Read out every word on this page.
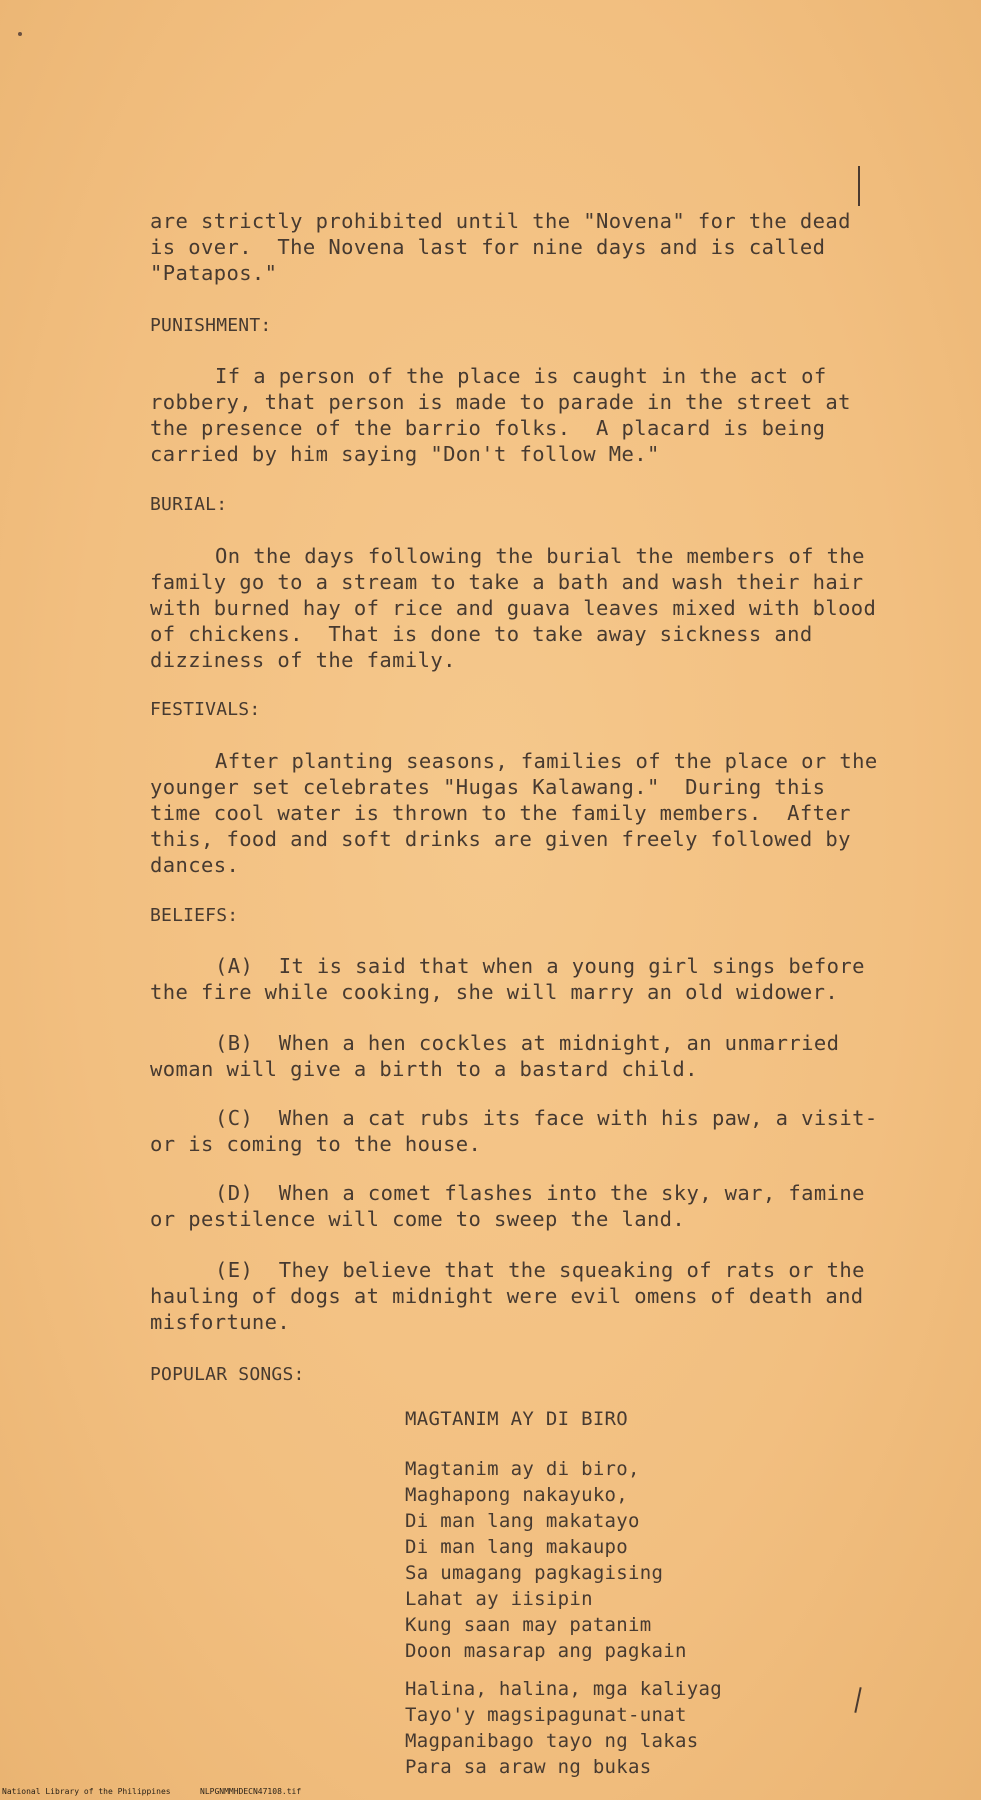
are strictly prohibited until the "Novena" for the dead
is over.  The Novena last for nine days and is called
"Patapos."
PUNISHMENT:
If a person of the place is caught in the act of
robbery, that person is made to parade in the street at
the presence of the barrio folks.  A placard is being
carried by him saying "Don't follow Me."
BURIAL:
On the days following the burial the members of the
family go to a stream to take a bath and wash their hair
with burned hay of rice and guava leaves mixed with blood
of chickens.  That is done to take away sickness and
dizziness of the family.
FESTIVALS:
After planting seasons, families of the place or the
younger set celebrates "Hugas Kalawang."  During this
time cool water is thrown to the family members.  After
this, food and soft drinks are given freely followed by
dances.
BELIEFS:
(A)  It is said that when a young girl sings before
the fire while cooking, she will marry an old widower.
(B)  When a hen cockles at midnight, an unmarried
woman will give a birth to a bastard child.
(C)  When a cat rubs its face with his paw, a visit-
or is coming to the house.
(D)  When a comet flashes into the sky, war, famine
or pestilence will come to sweep the land.
(E)  They believe that the squeaking of rats or the
hauling of dogs at midnight were evil omens of death and
misfortune.
POPULAR SONGS:
MAGTANIM AY DI BIRO
Magtanim ay di biro,
Maghapong nakayuko,
Di man lang makatayo
Di man lang makaupo
Sa umagang pagkagising
Lahat ay iisipin
Kung saan may patanim
Doon masarap ang pagkain
Halina, halina, mga kaliyag
Tayo'y magsipagunat-unat
Magpanibago tayo ng lakas
Para sa araw ng bukas
National Library of the Philippines	NLPGNMMHDECN47108.tif
